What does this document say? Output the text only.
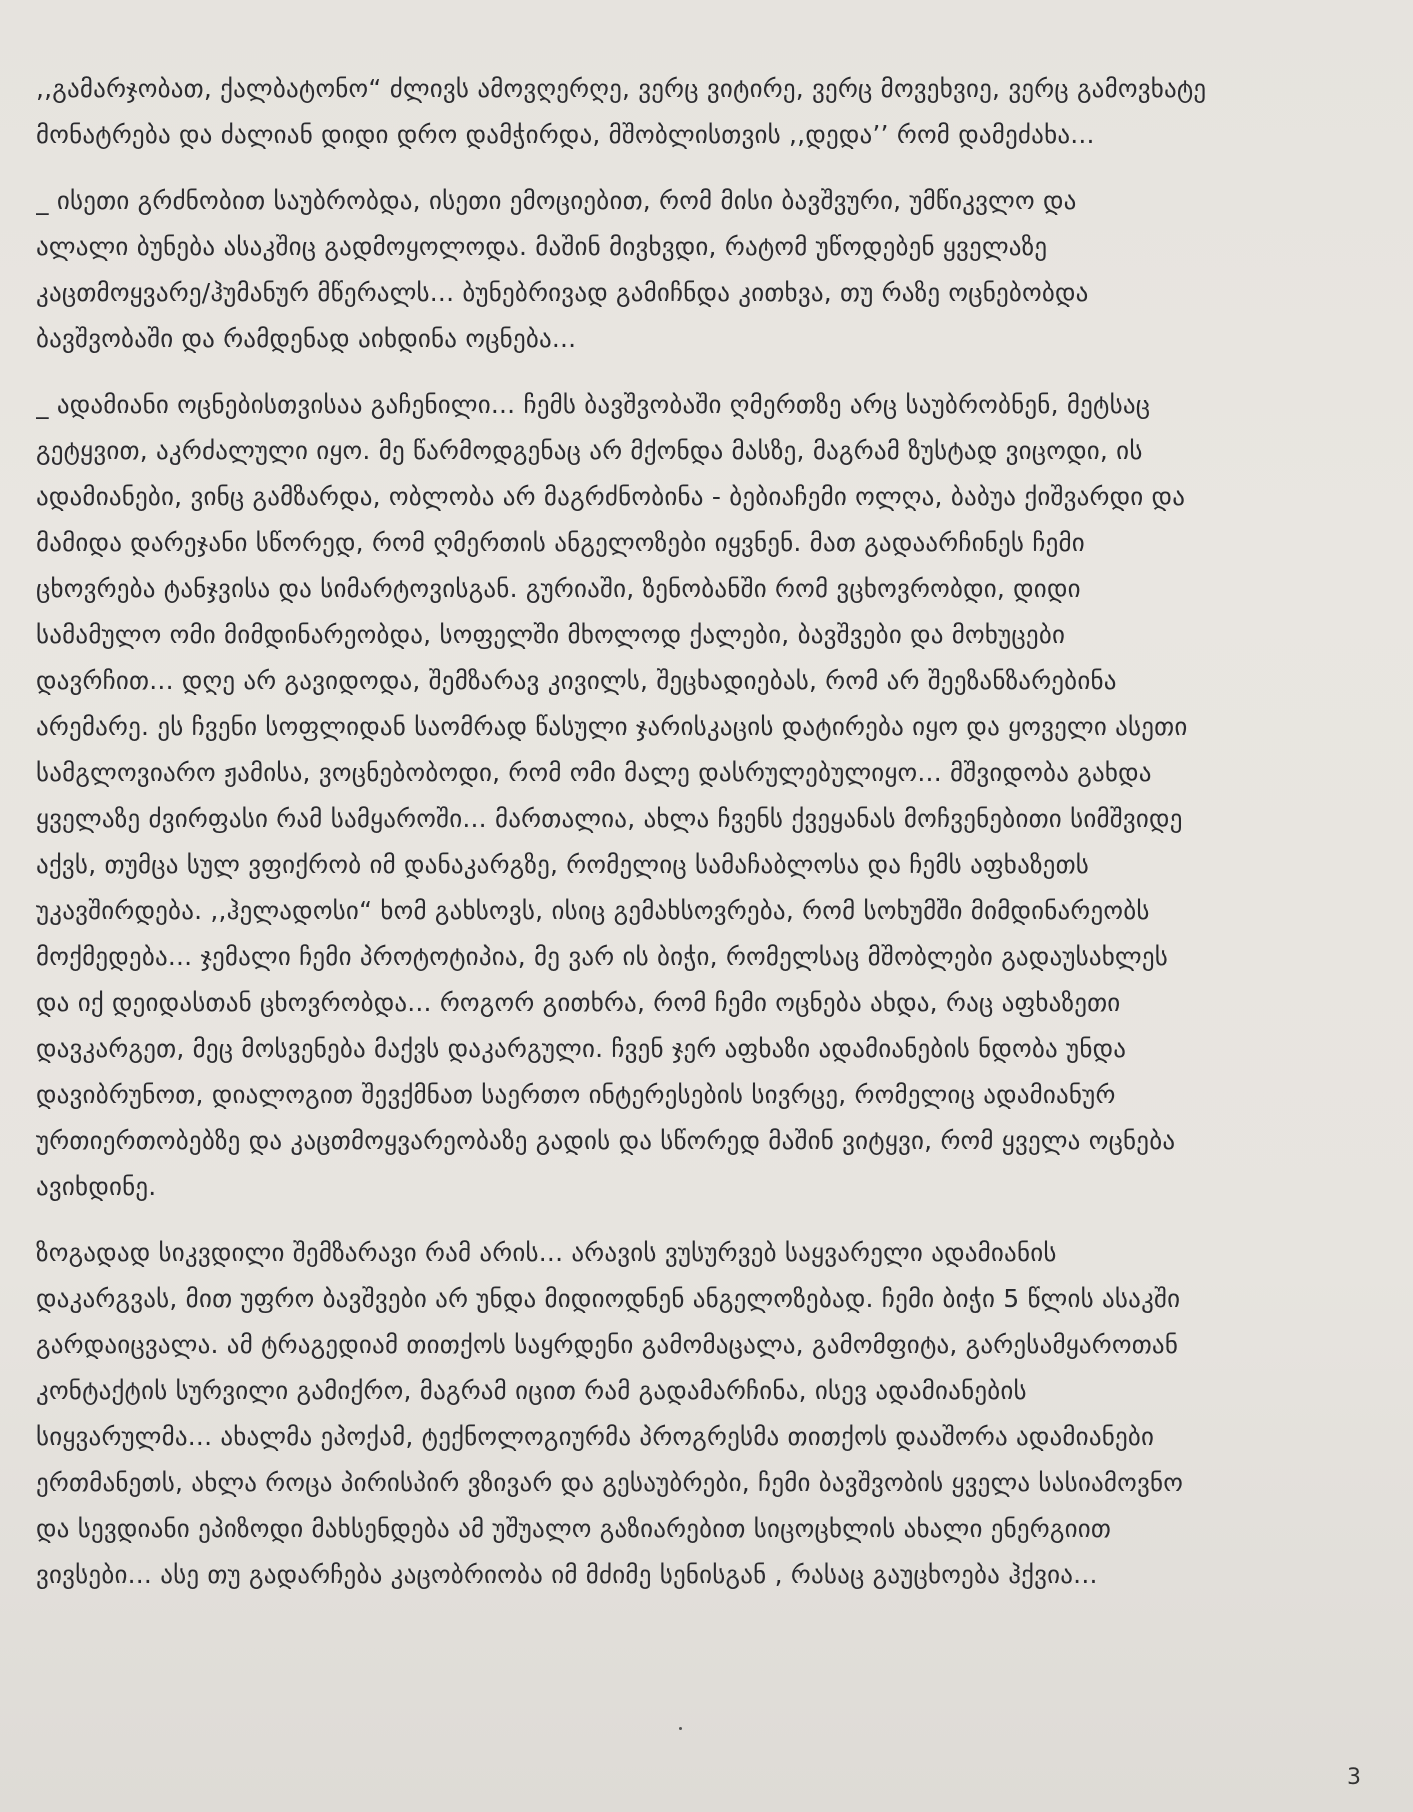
,,გამარჯობათ, ქალბატონო“ ძლივს ამოვღერღე, ვერც ვიტირე, ვერც მოვეხვიე, ვერც გამოვხატე
მონატრება და ძალიან დიდი დრო დამჭირდა, მშობლისთვის ,,დედა’’ რომ დამეძახა...
_ ისეთი გრძნობით საუბრობდა, ისეთი ემოციებით, რომ მისი ბავშვური, უმწიკვლო და
ალალი ბუნება ასაკშიც გადმოყოლოდა. მაშინ მივხვდი, რატომ უწოდებენ ყველაზე
კაცთმოყვარე/ჰუმანურ მწერალს... ბუნებრივად გამიჩნდა კითხვა, თუ რაზე ოცნებობდა
ბავშვობაში და რამდენად აიხდინა ოცნება...
_ ადამიანი ოცნებისთვისაა გაჩენილი... ჩემს ბავშვობაში ღმერთზე არც საუბრობნენ, მეტსაც
გეტყვით, აკრძალული იყო. მე წარმოდგენაც არ მქონდა მასზე, მაგრამ ზუსტად ვიცოდი, ის
ადამიანები, ვინც გამზარდა, ობლობა არ მაგრძნობინა - ბებიაჩემი ოლღა, ბაბუა ქიშვარდი და
მამიდა დარეჯანი სწორედ, რომ ღმერთის ანგელოზები იყვნენ. მათ გადაარჩინეს ჩემი
ცხოვრება ტანჯვისა და სიმარტოვისგან. გურიაში, ზენობანში რომ ვცხოვრობდი, დიდი
სამამულო ომი მიმდინარეობდა, სოფელში მხოლოდ ქალები, ბავშვები და მოხუცები
დავრჩით... დღე არ გავიდოდა, შემზარავ კივილს, შეცხადიებას, რომ არ შეეზანზარებინა
არემარე. ეს ჩვენი სოფლიდან საომრად წასული ჯარისკაცის დატირება იყო და ყოველი ასეთი
სამგლოვიარო ჟამისა, ვოცნებობოდი, რომ ომი მალე დასრულებულიყო... მშვიდობა გახდა
ყველაზე ძვირფასი რამ სამყაროში... მართალია, ახლა ჩვენს ქვეყანას მოჩვენებითი სიმშვიდე
აქვს, თუმცა სულ ვფიქრობ იმ დანაკარგზე, რომელიც სამაჩაბლოსა და ჩემს აფხაზეთს
უკავშირდება. ,,ჰელადოსი“ ხომ გახსოვს, ისიც გემახსოვრება, რომ სოხუმში მიმდინარეობს
მოქმედება... ჯემალი ჩემი პროტოტიპია, მე ვარ ის ბიჭი, რომელსაც მშობლები გადაუსახლეს
და იქ დეიდასთან ცხოვრობდა... როგორ გითხრა, რომ ჩემი ოცნება ახდა, რაც აფხაზეთი
დავკარგეთ, მეც მოსვენება მაქვს დაკარგული. ჩვენ ჯერ აფხაზი ადამიანების ნდობა უნდა
დავიბრუნოთ, დიალოგით შევქმნათ საერთო ინტერესების სივრცე, რომელიც ადამიანურ
ურთიერთობებზე და კაცთმოყვარეობაზე გადის და სწორედ მაშინ ვიტყვი, რომ ყველა ოცნება
ავიხდინე.
ზოგადად სიკვდილი შემზარავი რამ არის... არავის ვუსურვებ საყვარელი ადამიანის
დაკარგვას, მით უფრო ბავშვები არ უნდა მიდიოდნენ ანგელოზებად. ჩემი ბიჭი 5 წლის ასაკში
გარდაიცვალა. ამ ტრაგედიამ თითქოს საყრდენი გამომაცალა, გამომფიტა, გარესამყაროთან
კონტაქტის სურვილი გამიქრო, მაგრამ იცით რამ გადამარჩინა, ისევ ადამიანების
სიყვარულმა... ახალმა ეპოქამ, ტექნოლოგიურმა პროგრესმა თითქოს დააშორა ადამიანები
ერთმანეთს, ახლა როცა პირისპირ ვზივარ და გესაუბრები, ჩემი ბავშვობის ყველა სასიამოვნო
და სევდიანი ეპიზოდი მახსენდება ამ უშუალო გაზიარებით სიცოცხლის ახალი ენერგიით
ვივსები... ასე თუ გადარჩება კაცობრიობა იმ მძიმე სენისგან , რასაც გაუცხოება ჰქვია...
3
